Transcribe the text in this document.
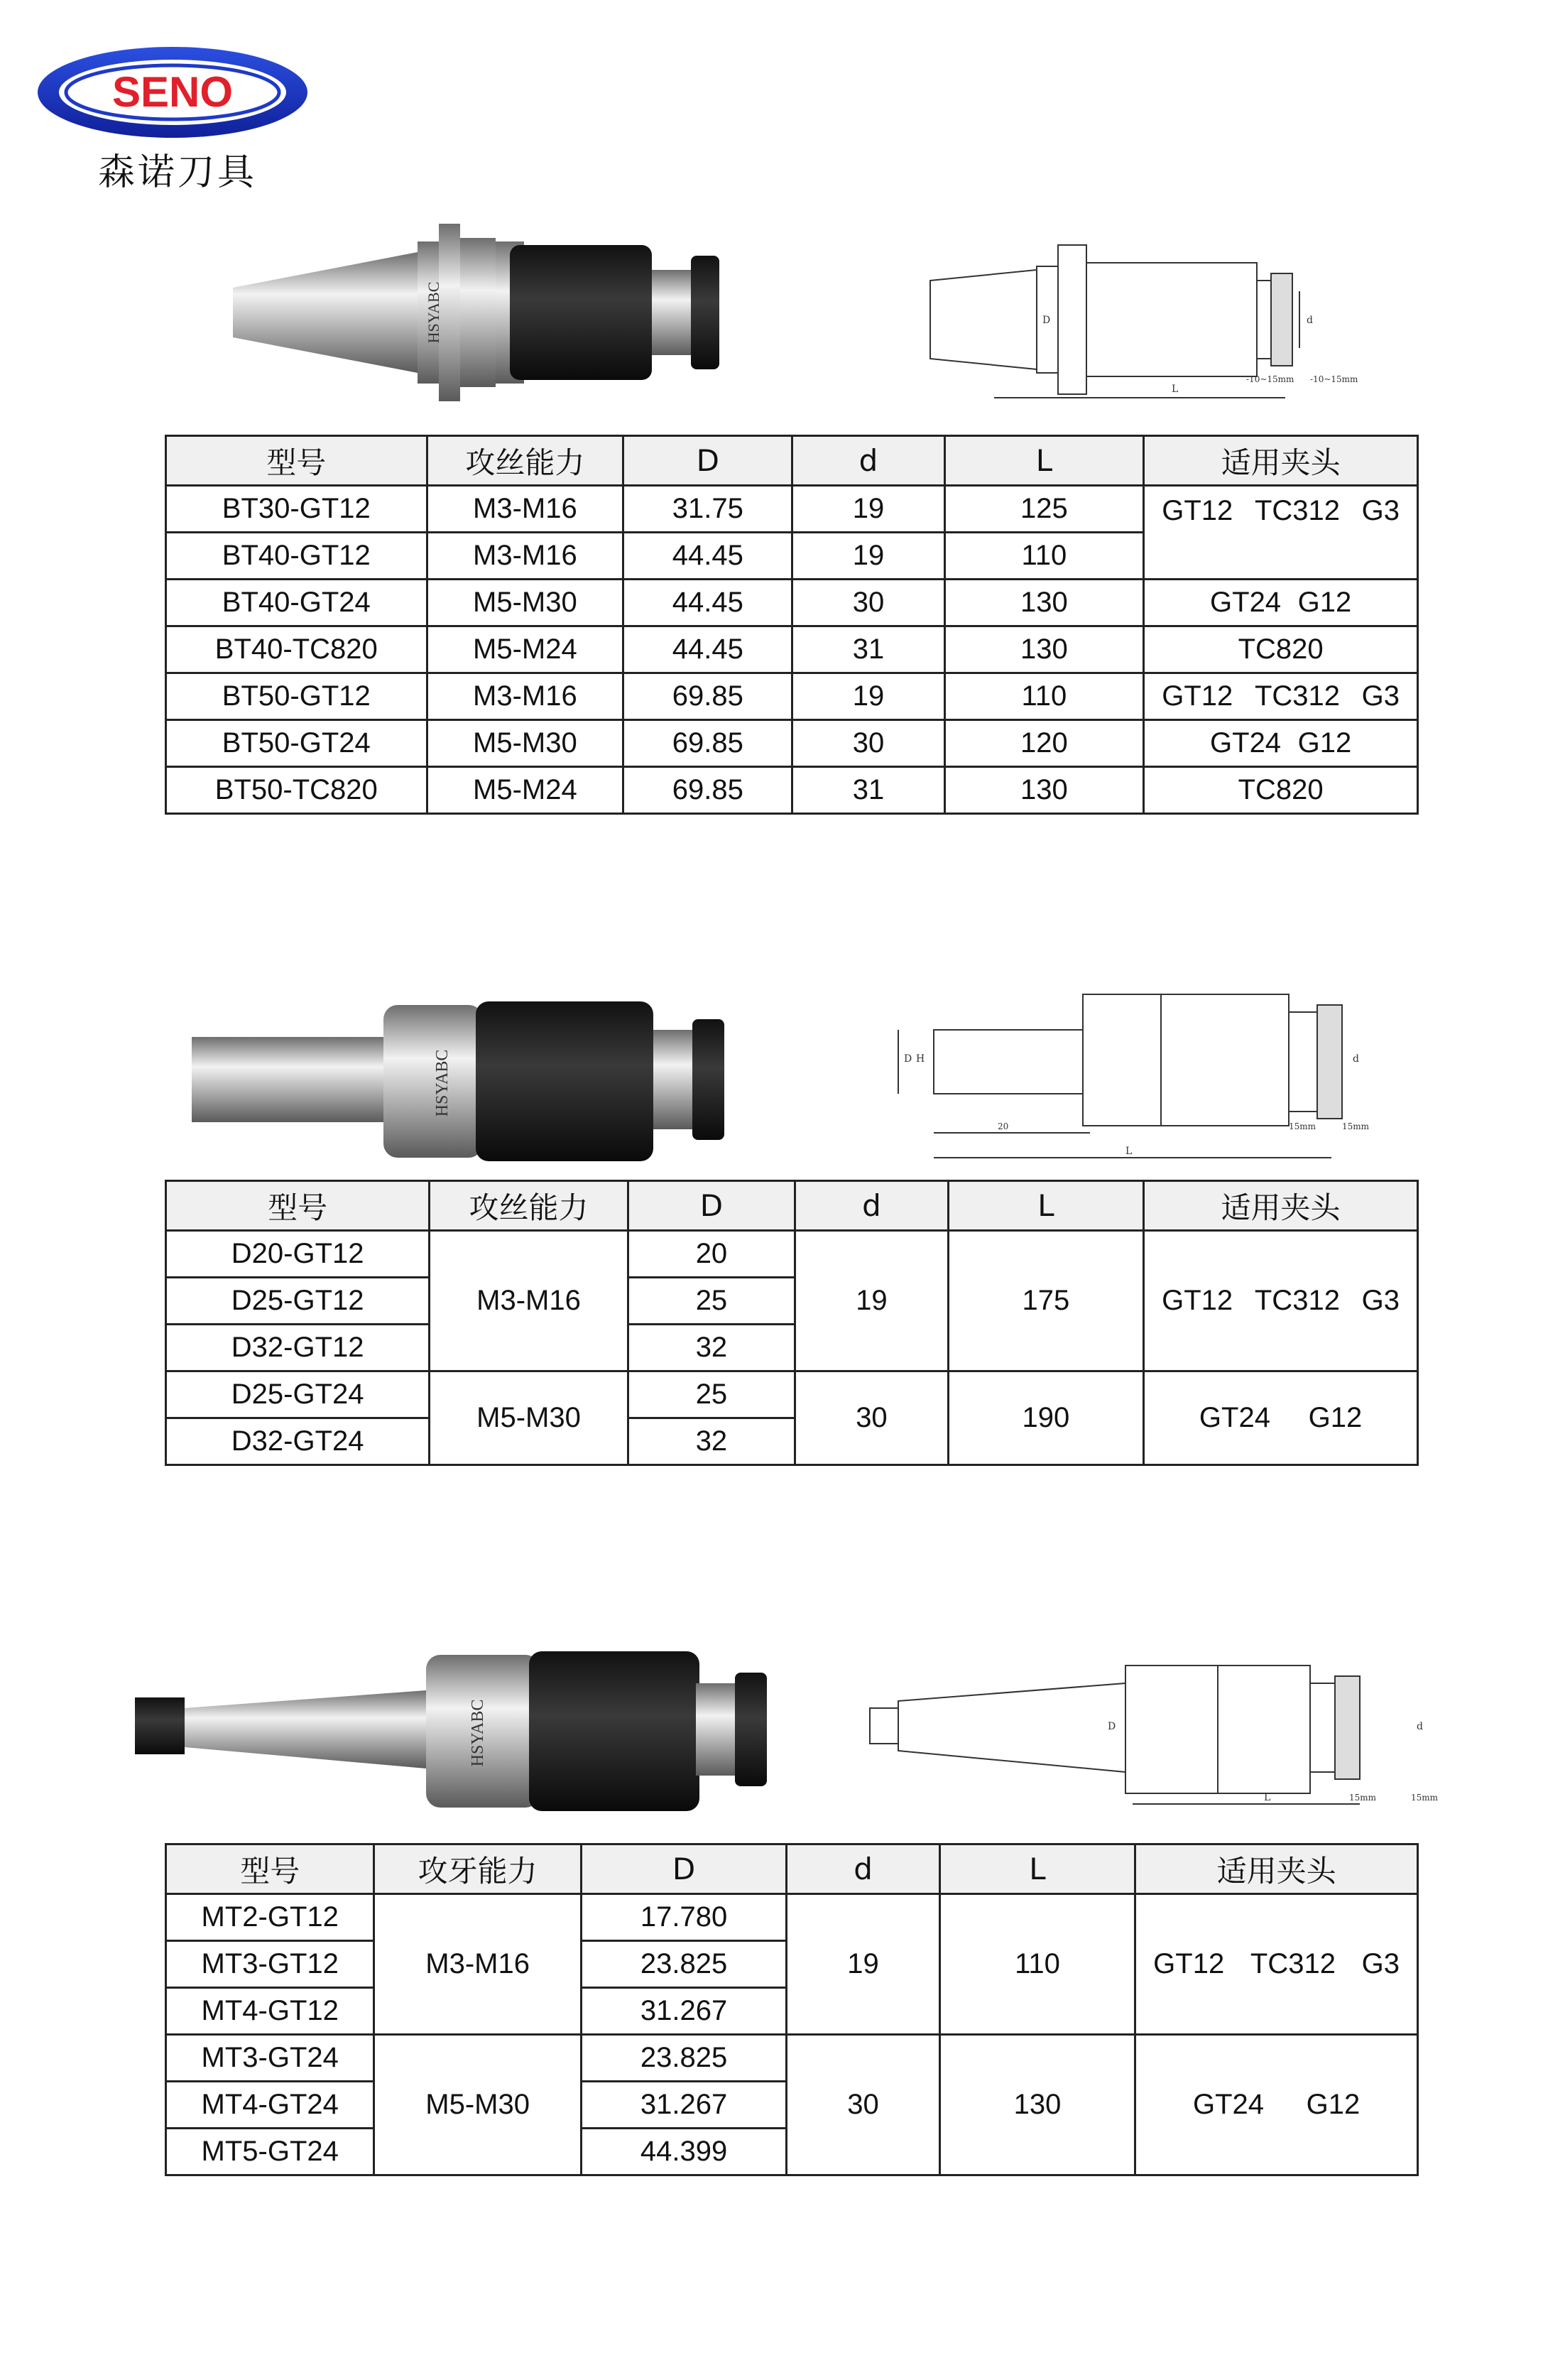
SENO
森诺刀具
HSYABC	D	d
L
-10~15mm -10~15mm
型号	攻丝能力	D	d	L	适用夹头
BT30-GT12	M3-M16	31.75	19	125	GT12 TC312 G3

BT40-GT12	M3-M16	44.45	19	110	
BT40-GT24	M5-M30	44.45	30	130	GT24 G12

BT40-TC820	M5-M24	44.45	31	130	TC820
BT50-GT12	M3-M16	69.85	19	110	GT12 TC312 G3

BT50-GT24	M5-M30	69.85	30	120	GT24 G12

BT50-TC820	M5-M24	69.85	31	130	TC820
HSYABC	D H	d
20
L
15mm	15mm
型号	攻丝能力	D	d	L	适用夹头
D20-GT12	M3-M16	20	19	175	GT12 TC312 G3

D25-GT12		25			
D32-GT12		32			
D25-GT24	M5-M30	25	30	190	GT24 G12

D32-GT24		32			
HSYABC	D	d
L	15mm	15mm
型号	攻牙能力	D	d	L	适用夹头
MT2-GT12	M3-M16	17.780	19	110	GT12 TC312 G3

MT3-GT12		23.825			
MT4-GT12		31.267			
MT3-GT24	M5-M30	23.825	30	130	GT24 G12

MT4-GT24		31.267			
MT5-GT24		44.399			
